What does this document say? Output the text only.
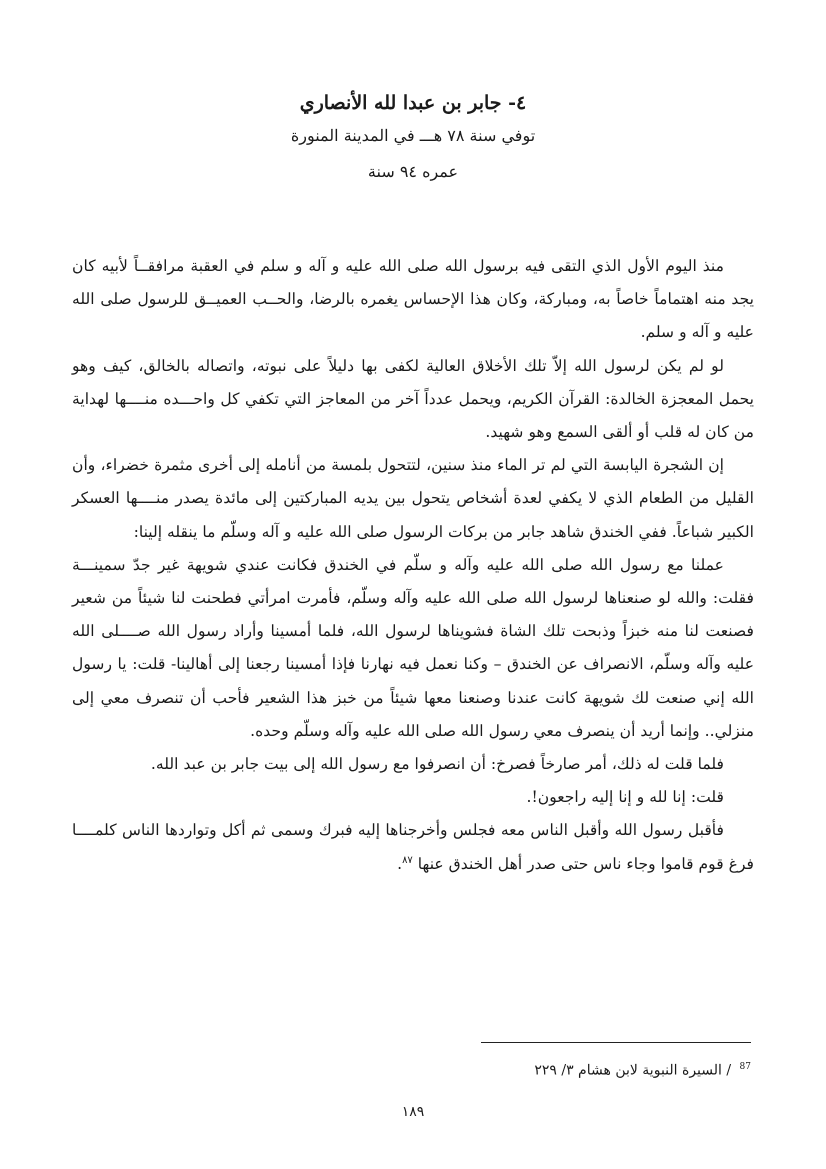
٤- جابر بن عبدا لله الأنصاري
توفي سنة ٧٨ هـــ في المدينة المنورة
عمره ٩٤ سنة

منذ اليوم الأول الذي التقى فيه برسول الله صلى الله عليه و آله و سلم في العقبة مرافقــاً لأبيه كان يجد منه اهتماماً خاصاً به، ومباركة، وكان هذا الإحساس يغمره بالرضا، والحــب العميــق للرسول صلى الله عليه و آله و سلم.

لو لم يكن لرسول الله إلاّ تلك الأخلاق العالية لكفى بها دليلاً على نبوته، واتصاله بالخالق، كيف وهو يحمل المعجزة الخالدة: القرآن الكريم، ويحمل عدداً آخر من المعاجز التي تكفي كل واحـــده منــــها لهداية من كان له قلب أو ألقى السمع وهو شهيد.

إن الشجرة اليابسة التي لم تر الماء منذ سنين، لتتحول بلمسة من أنامله إلى أخرى مثمرة خضراء، وأن القليل من الطعام الذي لا يكفي لعدة أشخاص يتحول بين يديه المباركتين إلى مائدة يصدر منــــها العسكر الكبير شباعاً. ففي الخندق شاهد جابر من بركات الرسول صلى الله عليه و آله وسلّم ما ينقله إلينا:

عملنا مع رسول الله صلى الله عليه وآله و سلّم في الخندق فكانت عندي شويهة غير جدّ سمينـــة فقلت: والله لو صنعناها لرسول الله صلى الله عليه وآله وسلّم، فأمرت امرأتي فطحنت لنا شيئاً من شعير فصنعت لنا منه خبزاً وذبحت تلك الشاة فشويناها لرسول الله، فلما أمسينا وأراد رسول الله صــــلى الله عليه وآله وسلّم، الانصراف عن الخندق – وكنا نعمل فيه نهارنا فإذا أمسينا رجعنا إلى أهالينا- قلت: يا رسول الله إني صنعت لك شويهة كانت عندنا وصنعنا معها شيئاً من خبز هذا الشعير فأحب أن تنصرف معي إلى منزلي.. وإنما أريد أن ينصرف معي رسول الله صلى الله عليه وآله وسلّم وحده.

فلما قلت له ذلك، أمر صارخاً فصرخ: أن انصرفوا مع رسول الله إلى بيت جابر بن عبد الله.

قلت: إنا لله و إنا إليه راجعون!.

فأقبل رسول الله وأقبل الناس معه فجلس وأخرجناها إليه فبرك وسمى ثم أكل وتواردها الناس كلمــــا فرغ قوم قاموا وجاء ناس حتى صدر أهل الخندق عنها $^{٨٧}$.

$^{87}$ / السيرة النبوية لابن هشام ٣/ ٢٢٩
١٨٩
